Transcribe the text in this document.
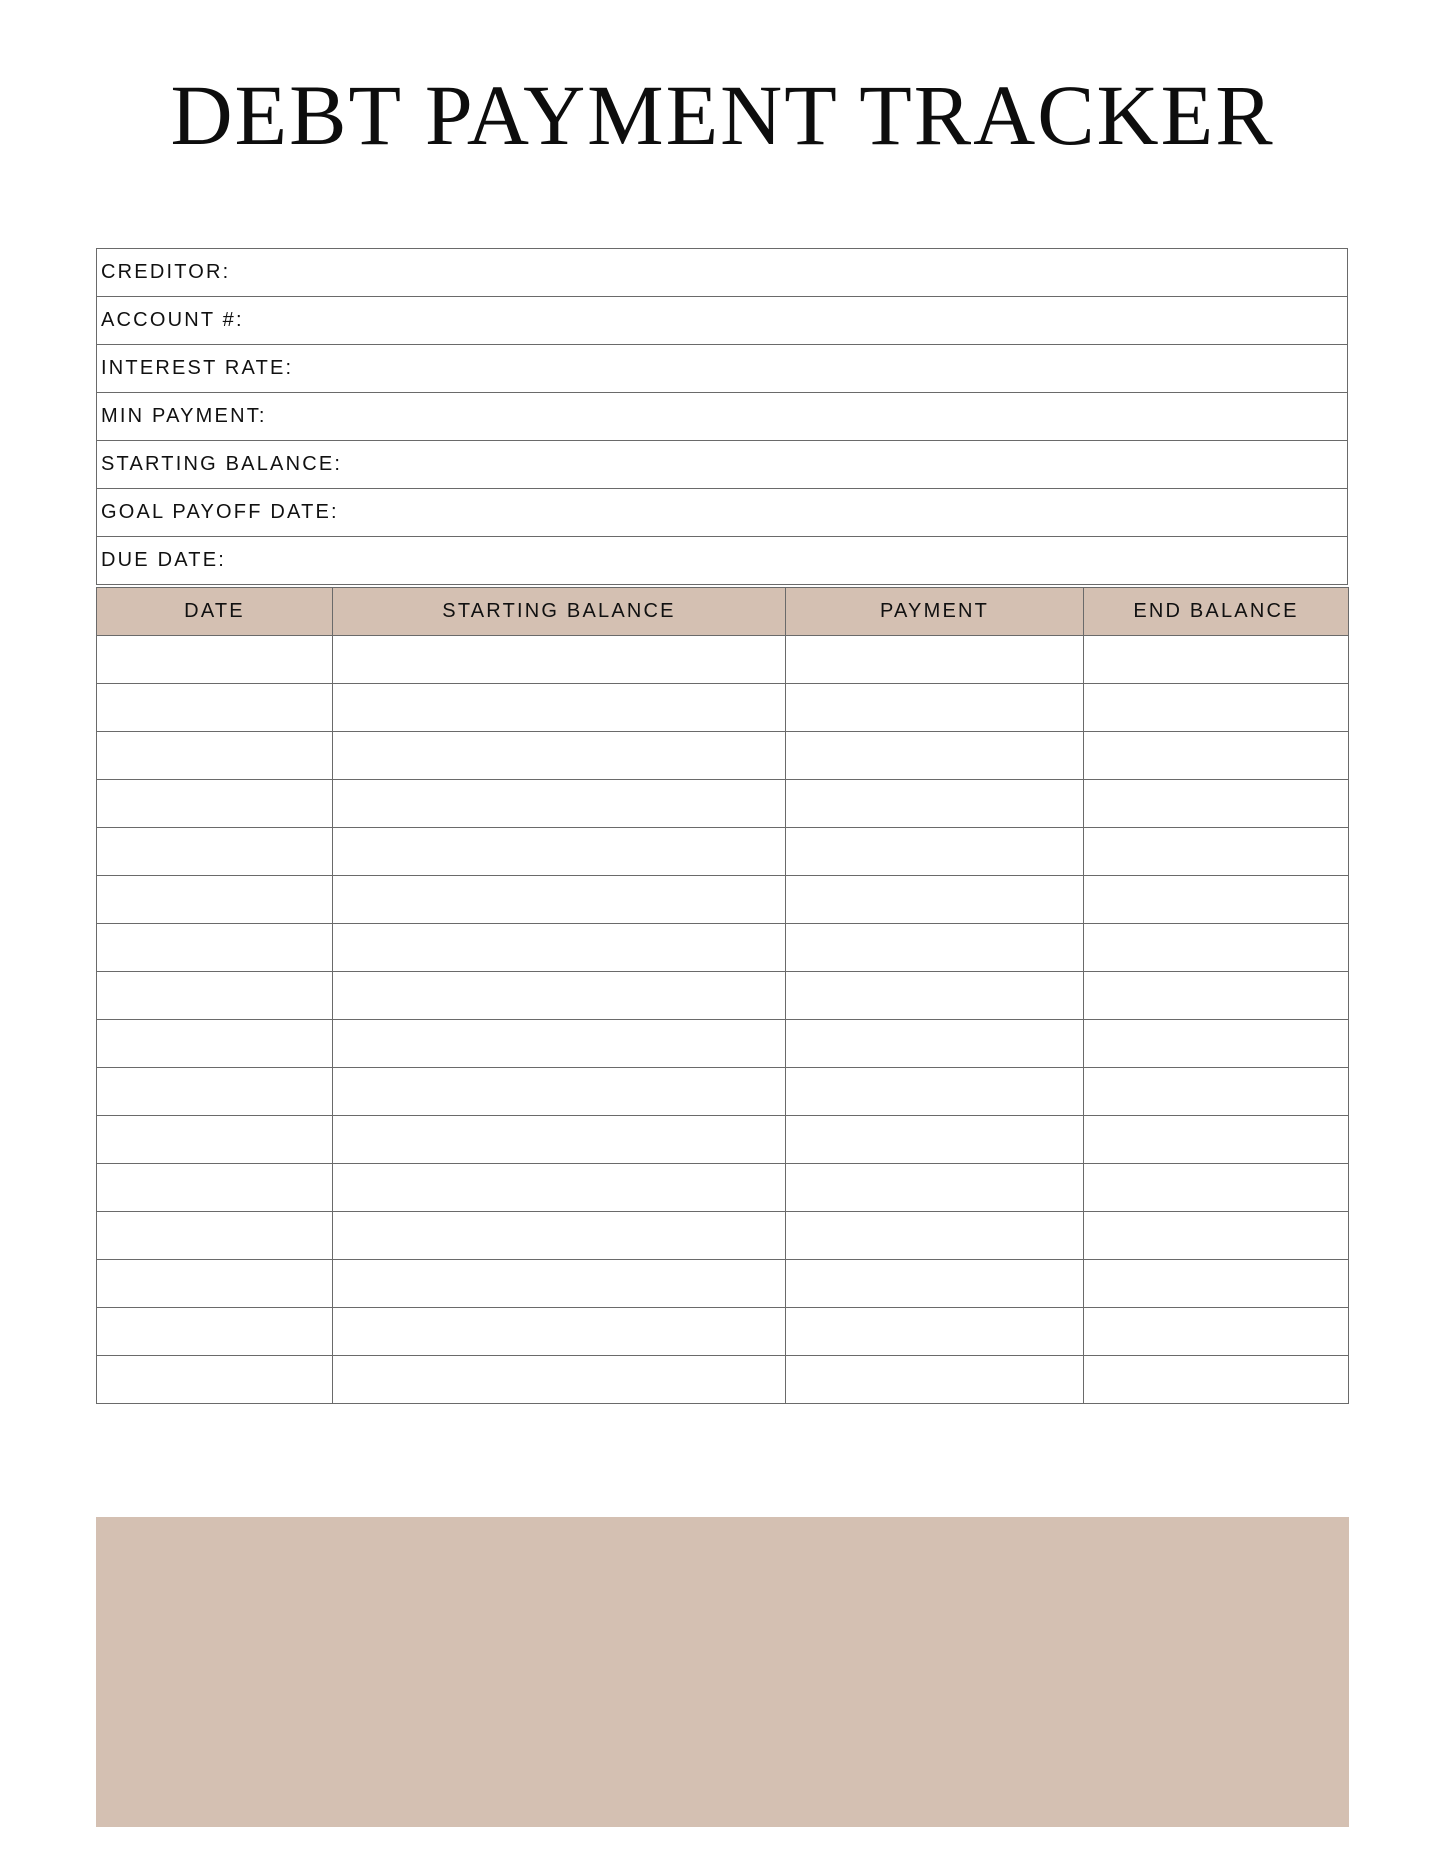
DEBT PAYMENT TRACKER
CREDITOR:
ACCOUNT #:
INTEREST RATE:
MIN PAYMENT:
STARTING BALANCE:
GOAL PAYOFF DATE:
DUE DATE:
DATE	STARTING BALANCE	PAYMENT	END BALANCE
